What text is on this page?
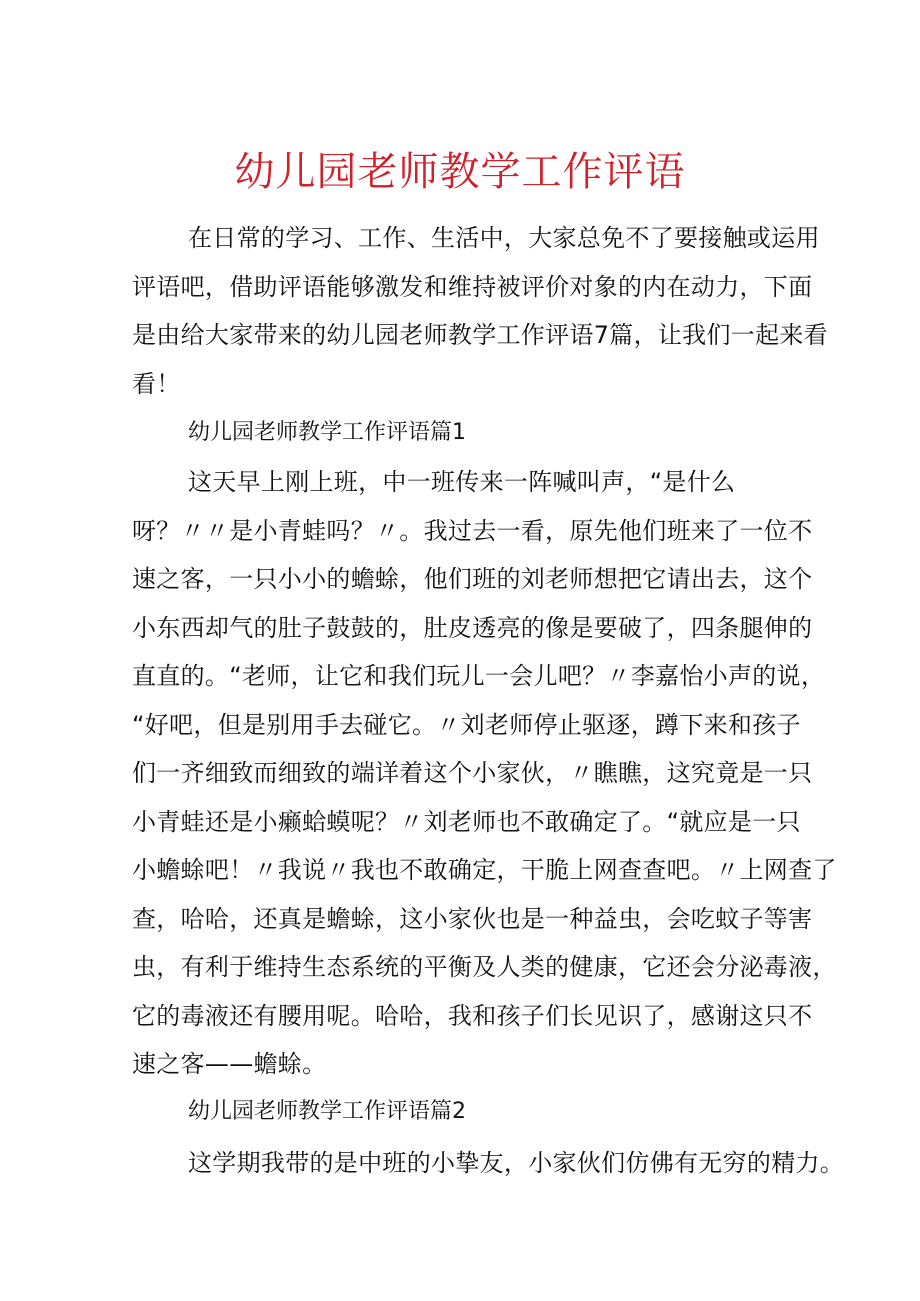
幼儿园老师教学工作评语
在日常的学习、工作、生活中，大家总免不了要接触或运用
评语吧，借助评语能够激发和维持被评价对象的内在动力，下面
是由给大家带来的幼儿园老师教学工作评语7篇，让我们一起来看
看！
幼儿园老师教学工作评语篇1
这天早上刚上班，中一班传来一阵喊叫声，“是什么
呀？〃〃是小青蛙吗？〃。我过去一看，原先他们班来了一位不
速之客，一只小小的蟾蜍，他们班的刘老师想把它请出去，这个
小东西却气的肚子鼓鼓的，肚皮透亮的像是要破了，四条腿伸的
直直的。“老师，让它和我们玩儿一会儿吧？〃李嘉怡小声的说，
“好吧，但是别用手去碰它。〃刘老师停止驱逐，蹲下来和孩子
们一齐细致而细致的端详着这个小家伙，〃瞧瞧，这究竟是一只
小青蛙还是小癞蛤蟆呢？〃刘老师也不敢确定了。“就应是一只
小蟾蜍吧！〃我说〃我也不敢确定，干脆上网查查吧。〃上网查了
查，哈哈，还真是蟾蜍，这小家伙也是一种益虫，会吃蚊子等害
虫，有利于维持生态系统的平衡及人类的健康，它还会分泌毒液，
它的毒液还有腰用呢。哈哈，我和孩子们长见识了，感谢这只不
速之客——蟾蜍。
幼儿园老师教学工作评语篇2
这学期我带的是中班的小挚友，小家伙们仿佛有无穷的精力。
